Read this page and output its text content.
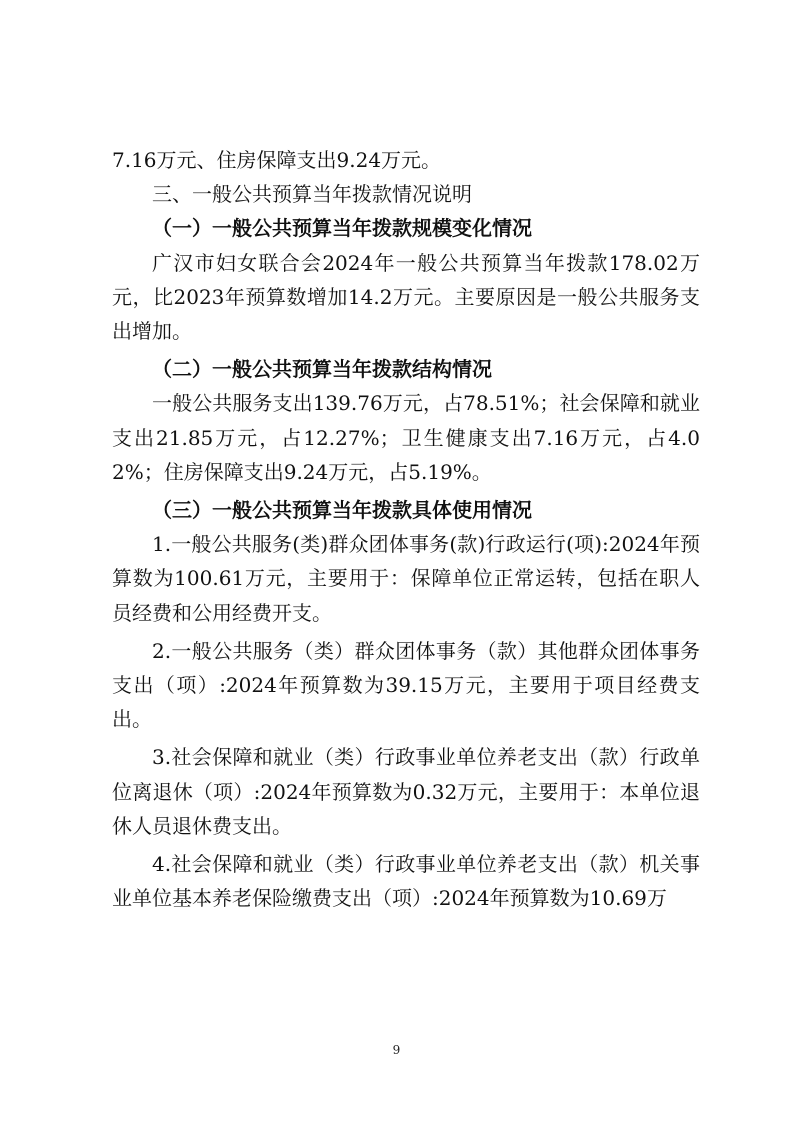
7.16万元、住房保障支出9.24万元。

三、一般公共预算当年拨款情况说明

（一）一般公共预算当年拨款规模变化情况

广汉市妇女联合会2024年一般公共预算当年拨款178.02万元，比2023年预算数增加14.2万元。主要原因是一般公共服务支出增加。

（二）一般公共预算当年拨款结构情况

一般公共服务支出139.76万元，占78.51%；社会保障和就业支出21.85万元，占12.27%；卫生健康支出7.16万元，占4.02%；住房保障支出9.24万元，占5.19%。

（三）一般公共预算当年拨款具体使用情况

1.一般公共服务(类)群众团体事务(款)行政运行(项):2024年预算数为100.61万元，主要用于：保障单位正常运转，包括在职人员经费和公用经费开支。

2.一般公共服务（类）群众团体事务（款）其他群众团体事务支出（项）:2024年预算数为39.15万元，主要用于项目经费支出。

3.社会保障和就业（类）行政事业单位养老支出（款）行政单位离退休（项）:2024年预算数为0.32万元，主要用于：本单位退休人员退休费支出。

4.社会保障和就业（类）行政事业单位养老支出（款）机关事业单位基本养老保险缴费支出（项）:2024年预算数为10.69万

9
